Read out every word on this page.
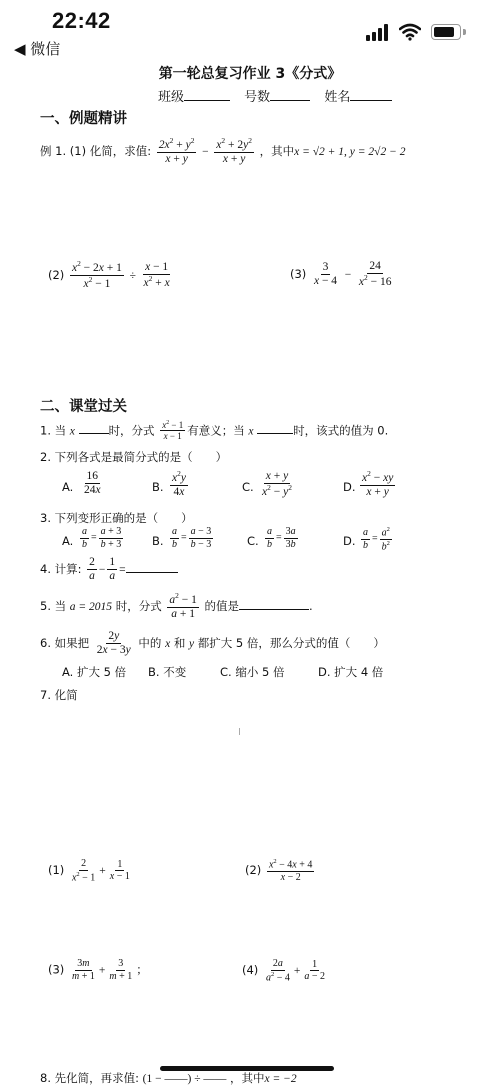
22:42
◀ 微信
第一轮总复习作业 3《分式》
班级	号数	姓名
一、例题精讲
例 1. (1) 化简，求值: $\frac{2x^2 + y^2}{x + y} - \frac{x^2 + 2y^2}{x + y}$ ，其中x = √2 + 1, y = 2√2 − 2
$(2) \frac{x^2 - 2x + 1}{x^2 - 1} \div \frac{x - 1}{x^2 + x}$	$(3) \frac{3}{x - 4} - \frac{24}{x^2 - 16}$
二、课堂过关
1. 当 x	时，分式 $\frac{x^2 - 1}{x - 1}$ 有意义；当 x	时，该式的值为 0.
2. 下列各式是最简分式的是（　　）
A. $\frac{16}{24x}$	B. $\frac{x^2y}{4x}$	C. $\frac{x + y}{x^2 - y^2}$	D. $\frac{x^2 - xy}{x + y}$
3. 下列变形正确的是（　　）
A. $\frac{a}{b} = \frac{a + 3}{b + 3} B$. $\frac{a}{b} = \frac{a - 3}{b - 3}$	C. $\frac{a}{b} = \frac{3a}{3b}$	D. $\frac{a}{b} = \frac{a^2}{b^2}$
4. 计算: $\frac{2}{a} - \frac{1}{a}$ =
5. 当 a = 2015 时，分式 $\frac{a^2 - 1}{a + 1}$ 的值是	.
6. 如果把 $\frac{2y}{2x - 3y}$ 中的 x 和 y 都扩大 5 倍，那么分式的值（　　）
A. 扩大 5 倍 B. 不变	C. 缩小 5 倍	D. 扩大 4 倍
7. 化简
$(1) \frac{2}{x^2 - 1} + \frac{1}{x - 1}$	$(2) \frac{x^2 - 4x + 4}{x - 2}$
$(3) \frac{3m}{m + 1} + \frac{3}{m + 1}$ ；	$(4) \frac{2a}{a^2 - 4} + \frac{1}{a - 2}$
8. 先化简，再求值: (1 − ——) ÷ —— ，其中x = −2
